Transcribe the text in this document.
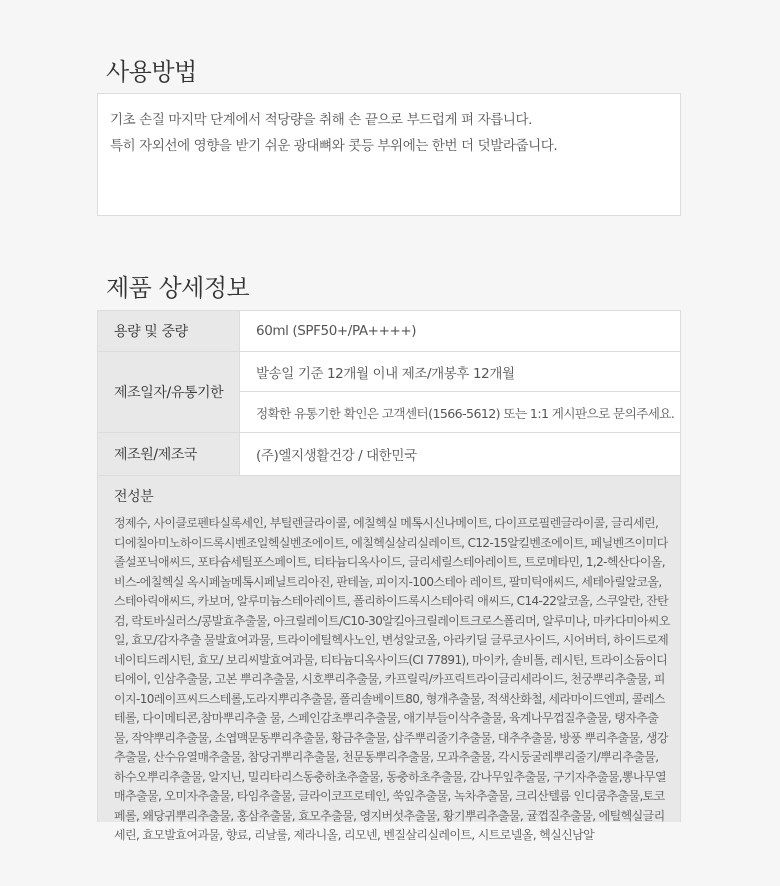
사용방법

기초 손질 마지막 단계에서 적당량을 취해 손 끝으로 부드럽게 펴 자릅니다.

특히 자외선에 영향을 받기 쉬운 광대뼈와 콧등 부위에는 한번 더 덧발라줍니다.

제품 상세정보
용량 및 중량	60ml (SPF50+/PA++++)
제조일자/유통기한
발송일 기준 12개월 이내 제조/개봉후 12개월
정확한 유통기한 확인은 고객센터(1566-5612) 또는 1:1 게시판으로 문의주세요.
제조원/제조국	(주)엘지생활건강 / 대한민국

전성분

정제수, 사이클로펜타실록세인, 부틸렌글라이콜, 에칠헥실 메톡시신나메이트, 다이프로필렌글라이콜, 글리세린, 디에칠아미노하이드록시벤조일헥실벤조에이트, 에칠헥실살리실레이트, C12-15알킬벤조에이트, 페닐벤즈이미다졸설포닉애씨드, 포타슘세틸포스페이트, 티타늄디옥사이드, 글리세릴스테아레이트, 트로메타민, 1,2-헥산다이올, 비스-에칠헥실 옥시페놀메톡시페닐트리아진, 판테놀, 피이지-100스테아 레이트, 팔미틱애씨드, 세테아릴알코올, 스테아릭애씨드, 카보머, 알루미늄스테아레이트, 폴리하이드록시스테아릭 애씨드, C14-22알코올, 스쿠알란, 잔탄검, 락토바실러스/콩발효추출물, 아크릴레이트/C10-30알킬아크릴레이트크로스폴리머, 알루미나, 마카다미아씨오일, 효모/감자추출 물발효여과물, 트라이에틸헥사노인, 변성알코올, 아라키딜 글루코사이드, 시어버터, 하이드로제네이티드레시틴, 효모/ 보리씨발효여과물, 티타늄디옥사이드(CI 77891), 마이카, 솔비톨, 레시틴, 트라이소듐이디티에이, 인삼추출물, 고본 뿌리추출물, 시호뿌리추출물, 카프릴릭/카프릭트라이글리세라이드, 천궁뿌리추출물, 피이지-10레이프씨드스테롤,도라지뿌리추출물, 폴리솔베이트80, 형개추출물, 적색산화철, 세라마이드엔피, 콜레스테롤, 다이메티콘,참마뿌리추출 물, 스페인감초뿌리추출물, 애기부들이삭추출물, 육계나무껍질추출물, 탱자추출물, 작약뿌리추출물, 소엽맥문동뿌리추출물, 황금추출물, 삽주뿌리줄기추출물, 대추추출물, 방풍 뿌리추출물, 생강추출물, 산수유열매추출물, 참당귀뿌리추출물, 천문동뿌리추출물, 모과추출물, 각시둥굴레뿌리줄기/뿌리추출물, 하수오뿌리추출물, 알지닌, 밀리타리스동충하초추출물, 동충하초추출물, 감나무잎추출물, 구기자추출물,뽕나무열매추출물, 오미자추출물, 타임추출물, 글라이코프로테인, 쑥잎추출물, 녹차추출물, 크리산텔룸 인디쿰추출물,토코페롤, 왜당귀뿌리추출물, 홍삼추출물, 효모추출물, 영지버섯추출물, 황기뿌리추출물, 귤껍질추출물, 에틸헥실글리세린, 효모발효여과물, 향료, 리날룰, 제라니올, 리모넨, 벤질살리실레이트, 시트로넬올, 헥실신남알
